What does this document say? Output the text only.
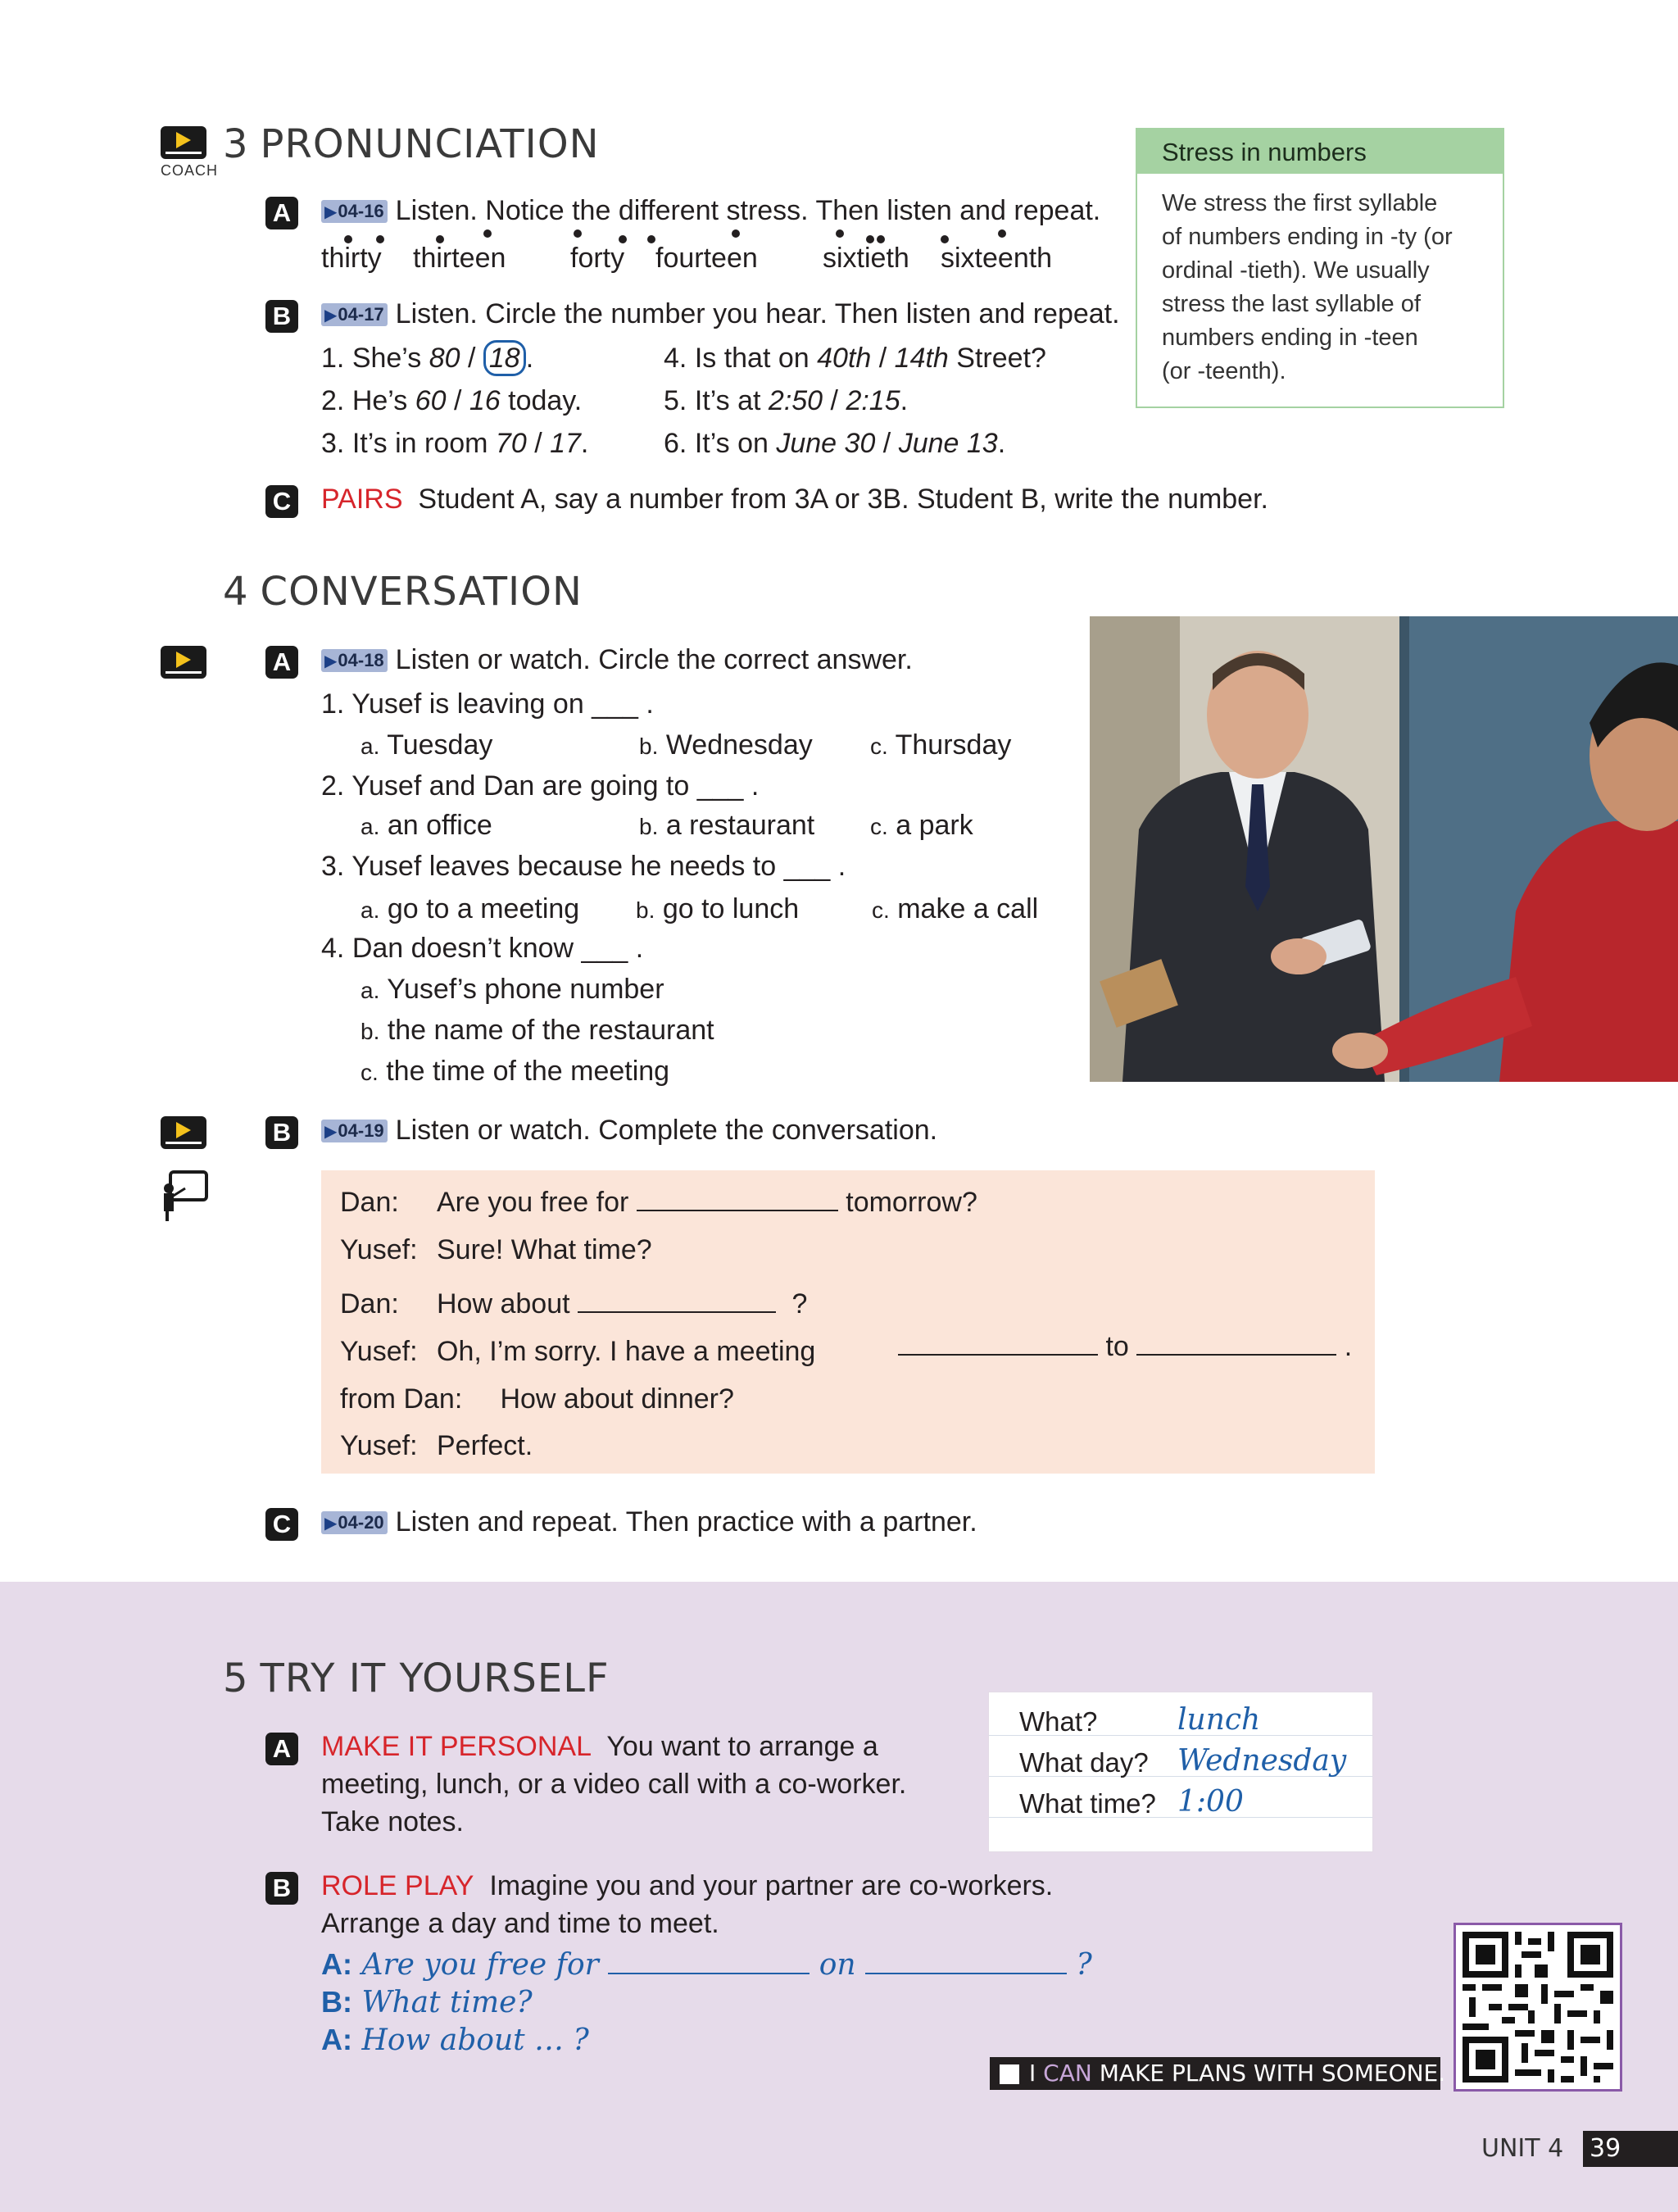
COACH
3 PRONUNCIATION	Stress in numbers
We stress the first syllable
of numbers ending in -ty (or
ordinal -tieth). We usually
stress the last syllable of
numbers ending in -teen
(or -teenth).
A	▶ 04-16 Listen. Notice the different stress. Then listen and repeat.
thirty thirteen forty fourteen sixtieth sixteenth
B	▶ 04-17 Listen. Circle the number you hear. Then listen and repeat.
1. She’s 80 / 18 .
2. He’s 60 / 16 today.
3. It’s in room 70 / 17.
4. Is that on 40th / 14th Street?
5. It’s at 2:50 / 2:15.
6. It’s on June 30 / June 13.
C PAIRS Student A, say a number from 3A or 3B. Student B, write the number.
4 CONVERSATION
A	▶ 04-18 Listen or watch. Circle the correct answer.
1. Yusef is leaving on ___ .
a. Tuesday	b. Wednesday	c. Thursday
2. Yusef and Dan are going to ___ .
a. an office	b. a restaurant c. a park
3. Yusef leaves because he needs to ___ .
a. go to a meeting b. go to lunch	c. make a call
4. Dan doesn’t know ___ .
a. Yusef’s phone number
b. the name of the restaurant
c. the time of the meeting
B	▶ 04-19 Listen or watch. Complete the conversation.
Dan: Are you free for	tomorrow?
Yusef: Sure! What time?
Dan: How about	?
Yusef: Oh, I’m sorry. I have a meeting	to	.
from Dan: How about dinner?
Yusef: Perfect.
C	▶ 04-20 Listen and repeat. Then practice with a partner.
5 TRY IT YOURSELF
What?	lunch
What day? Wednesday
What time? 1:00
A MAKE IT PERSONAL You want to arrange a
meeting, lunch, or a video call with a co-worker.
Take notes.
B ROLE PLAY Imagine you and your partner are co-workers.
Arrange a day and time to meet.
A: Are you free for	on	?
B: What time?
A: How about … ?
I CAN MAKE PLANS WITH SOMEONE.
UNIT 4 39
